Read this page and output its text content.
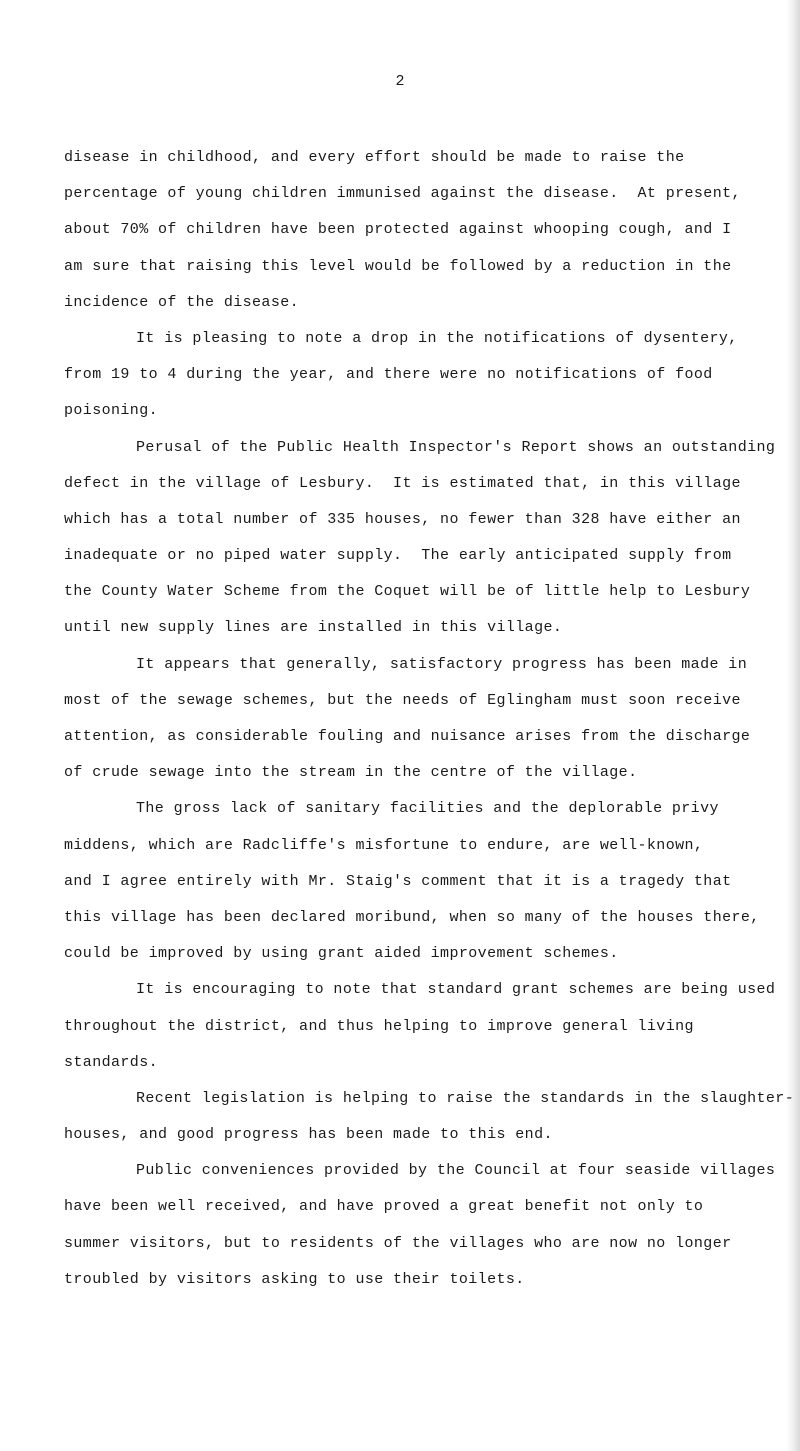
2
disease in childhood, and every effort should be made to raise the
percentage of young children immunised against the disease.  At present,
about 70% of children have been protected against whooping cough, and I
am sure that raising this level would be followed by a reduction in the
incidence of the disease.
It is pleasing to note a drop in the notifications of dysentery,
from 19 to 4 during the year, and there were no notifications of food
poisoning.
Perusal of the Public Health Inspector's Report shows an outstanding
defect in the village of Lesbury.  It is estimated that, in this village
which has a total number of 335 houses, no fewer than 328 have either an
inadequate or no piped water supply.  The early anticipated supply from
the County Water Scheme from the Coquet will be of little help to Lesbury
until new supply lines are installed in this village.
It appears that generally, satisfactory progress has been made in
most of the sewage schemes, but the needs of Eglingham must soon receive
attention, as considerable fouling and nuisance arises from the discharge
of crude sewage into the stream in the centre of the village.
The gross lack of sanitary facilities and the deplorable privy
middens, which are Radcliffe's misfortune to endure, are well-known,
and I agree entirely with Mr. Staig's comment that it is a tragedy that
this village has been declared moribund, when so many of the houses there,
could be improved by using grant aided improvement schemes.
It is encouraging to note that standard grant schemes are being used
throughout the district, and thus helping to improve general living
standards.
Recent legislation is helping to raise the standards in the slaughter-
houses, and good progress has been made to this end.
Public conveniences provided by the Council at four seaside villages
have been well received, and have proved a great benefit not only to
summer visitors, but to residents of the villages who are now no longer
troubled by visitors asking to use their toilets.
